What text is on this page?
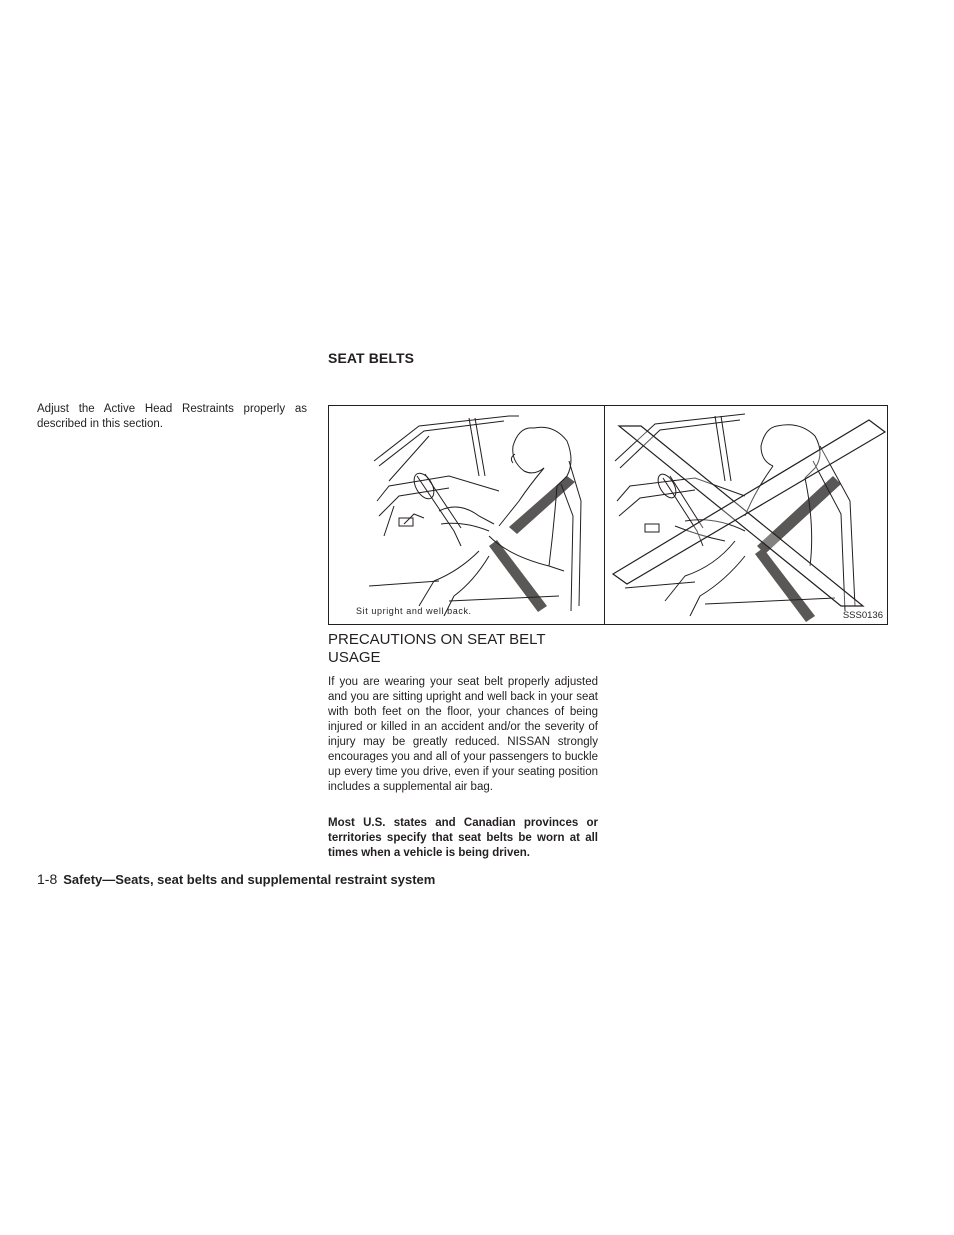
SEAT BELTS
Adjust the Active Head Restraints properly as described in this section.
Sit upright and well back.	SSS0136
PRECAUTIONS ON SEAT BELT USAGE
If you are wearing your seat belt properly adjusted and you are sitting upright and well back in your seat with both feet on the floor, your chances of being injured or killed in an accident and/or the severity of injury may be greatly reduced. NISSAN strongly encourages you and all of your passengers to buckle up every time you drive, even if your seating position includes a supplemental air bag.
Most U.S. states and Canadian provinces or territories specify that seat belts be worn at all times when a vehicle is being driven.
1-8 Safety—Seats, seat belts and supplemental restraint system
